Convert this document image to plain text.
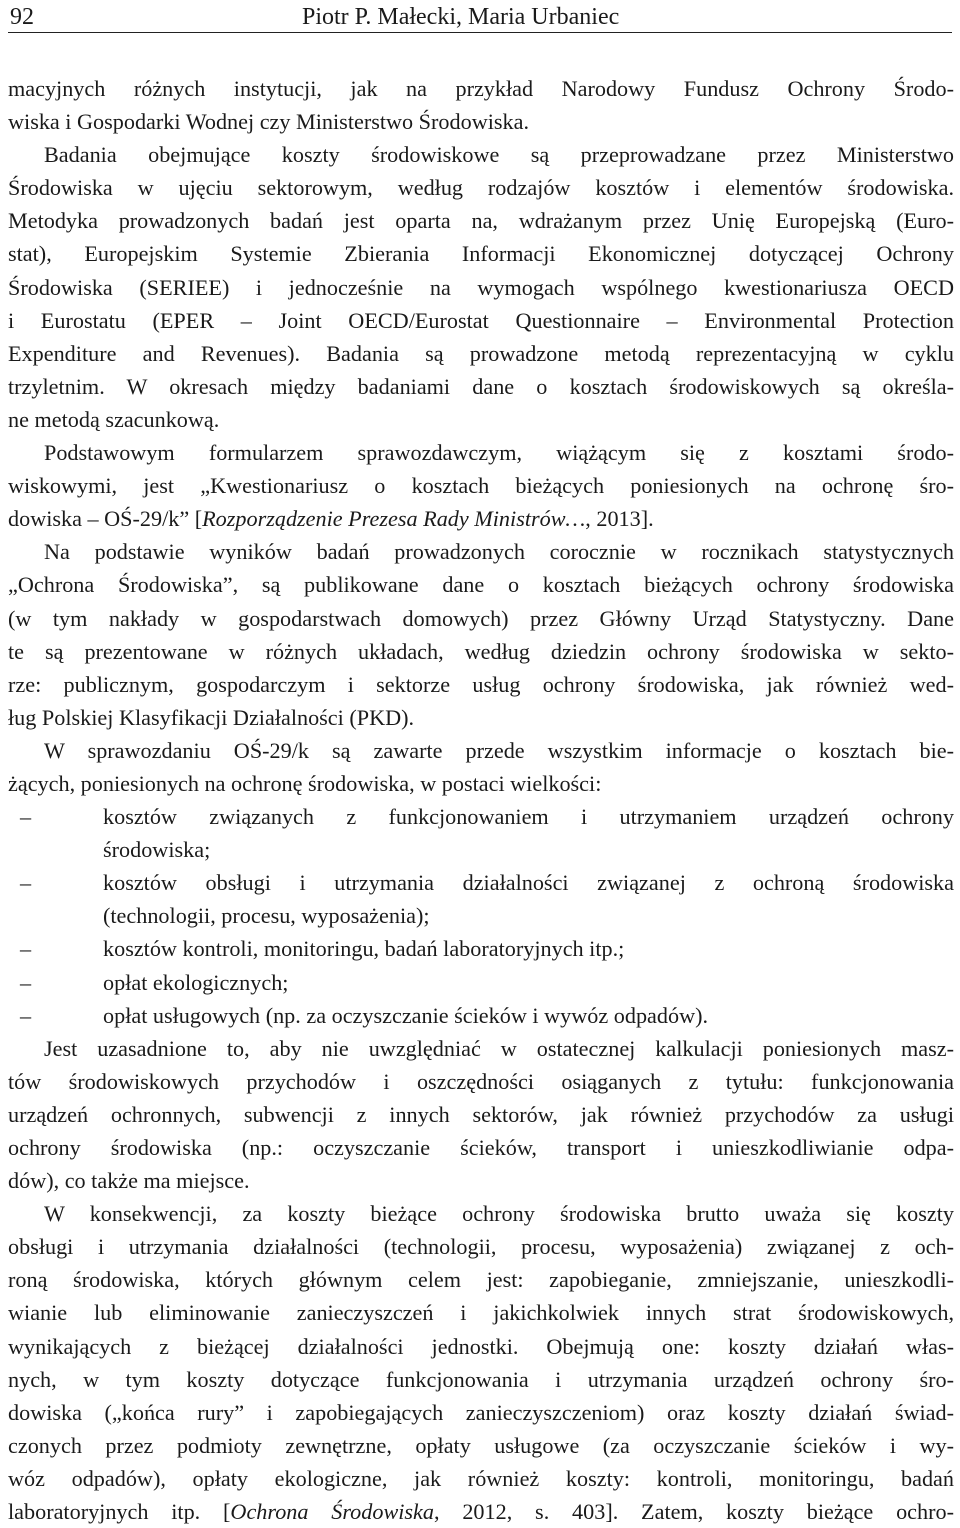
92	Piotr P. Małecki, Maria Urbaniec
macyjnych różnych instytucji, jak na przykład Narodowy Fundusz Ochrony Środo-
wiska i Gospodarki Wodnej czy Ministerstwo Środowiska.
Badania obejmujące koszty środowiskowe są przeprowadzane przez Ministerstwo
Środowiska w ujęciu sektorowym, według rodzajów kosztów i elementów środowiska.
Metodyka prowadzonych badań jest oparta na, wdrażanym przez Unię Europejską (Euro-
stat), Europejskim Systemie Zbierania Informacji Ekonomicznej dotyczącej Ochrony
Środowiska (SERIEE) i jednocześnie na wymogach wspólnego kwestionariusza OECD
i Eurostatu (EPER – Joint OECD/Eurostat Questionnaire – Environmental Protection
Expenditure and Revenues). Badania są prowadzone metodą reprezentacyjną w cyklu
trzyletnim. W okresach między badaniami dane o kosztach środowiskowych są określa-
ne metodą szacunkową.
Podstawowym formularzem sprawozdawczym, wiążącym się z kosztami środo-
wiskowymi, jest „Kwestionariusz o kosztach bieżących poniesionych na ochronę śro-
dowiska – OŚ-29/k” [Rozporządzenie Prezesa Rady Ministrów…, 2013].
Na podstawie wyników badań prowadzonych corocznie w rocznikach statystycznych
„Ochrona Środowiska”, są publikowane dane o kosztach bieżących ochrony środowiska
(w tym nakłady w gospodarstwach domowych) przez Główny Urząd Statystyczny. Dane
te są prezentowane w różnych układach, według dziedzin ochrony środowiska w sekto-
rze: publicznym, gospodarczym i sektorze usług ochrony środowiska, jak również wed-
ług Polskiej Klasyfikacji Działalności (PKD).
W sprawozdaniu OŚ-29/k są zawarte przede wszystkim informacje o kosztach bie-
żących, poniesionych na ochronę środowiska, w postaci wielkości:
–	kosztów związanych z funkcjonowaniem i utrzymaniem urządzeń ochrony
środowiska;
–	kosztów obsługi i utrzymania działalności związanej z ochroną środowiska
(technologii, procesu, wyposażenia);
–	kosztów kontroli, monitoringu, badań laboratoryjnych itp.;
–	opłat ekologicznych;
–	opłat usługowych (np. za oczyszczanie ścieków i wywóz odpadów).
Jest uzasadnione to, aby nie uwzględniać w ostatecznej kalkulacji poniesionych masz-
tów środowiskowych przychodów i oszczędności osiąganych z tytułu: funkcjonowania
urządzeń ochronnych, subwencji z innych sektorów, jak również przychodów za usługi
ochrony środowiska (np.: oczyszczanie ścieków, transport i unieszkodliwianie odpa-
dów), co także ma miejsce.
W konsekwencji, za koszty bieżące ochrony środowiska brutto uważa się koszty
obsługi i utrzymania działalności (technologii, procesu, wyposażenia) związanej z och-
roną środowiska, których głównym celem jest: zapobieganie, zmniejszanie, unieszkodli-
wianie lub eliminowanie zanieczyszczeń i jakichkolwiek innych strat środowiskowych,
wynikających z bieżącej działalności jednostki. Obejmują one: koszty działań włas-
nych, w tym koszty dotyczące funkcjonowania i utrzymania urządzeń ochrony śro-
dowiska („końca rury” i zapobiegających zanieczyszczeniom) oraz koszty działań świad-
czonych przez podmioty zewnętrzne, opłaty usługowe (za oczyszczanie ścieków i wy-
wóz odpadów), opłaty ekologiczne, jak również koszty: kontroli, monitoringu, badań
laboratoryjnych itp. [Ochrona Środowiska, 2012, s. 403]. Zatem, koszty bieżące ochro-
